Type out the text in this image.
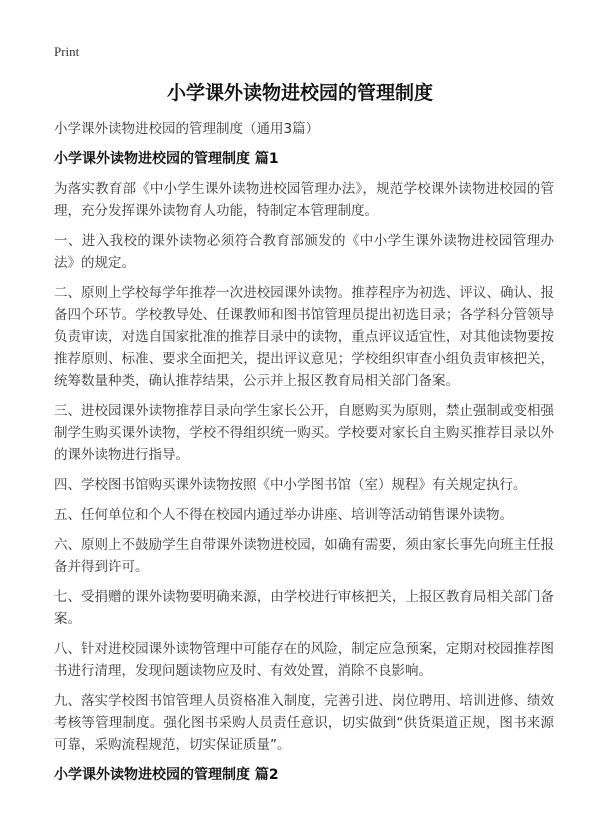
Print
小学课外读物进校园的管理制度

小学课外读物进校园的管理制度（通用3篇）

小学课外读物进校园的管理制度 篇1

为落实教育部《中小学生课外读物进校园管理办法》，规范学校课外读物进校园的管理，充分发挥课外读物育人功能，特制定本管理制度。

一、进入我校的课外读物必须符合教育部颁发的《中小学生课外读物进校园管理办法》的规定。

二、原则上学校每学年推荐一次进校园课外读物。推荐程序为初选、评议、确认、报备四个环节。学校教导处、任课教师和图书馆管理员提出初选目录；各学科分管领导负责审读，对选自国家批准的推荐目录中的读物，重点评议适宜性，对其他读物要按推荐原则、标准、要求全面把关，提出评议意见；学校组织审查小组负责审核把关，统筹数量种类，确认推荐结果，公示并上报区教育局相关部门备案。

三、进校园课外读物推荐目录向学生家长公开，自愿购买为原则，禁止强制或变相强制学生购买课外读物，学校不得组织统一购买。学校要对家长自主购买推荐目录以外的课外读物进行指导。

四、学校图书馆购买课外读物按照《中小学图书馆（室）规程》有关规定执行。

五、任何单位和个人不得在校园内通过举办讲座、培训等活动销售课外读物。

六、原则上不鼓励学生自带课外读物进校园，如确有需要，须由家长事先向班主任报备并得到许可。

七、受捐赠的课外读物要明确来源，由学校进行审核把关，上报区教育局相关部门备案。

八、针对进校园课外读物管理中可能存在的风险，制定应急预案，定期对校园推荐图书进行清理，发现问题读物应及时、有效处置，消除不良影响。

九、落实学校图书馆管理人员资格准入制度，完善引进、岗位聘用、培训进修、绩效考核等管理制度。强化图书采购人员责任意识，切实做到“供货渠道正规，图书来源可靠，采购流程规范，切实保证质量”。

小学课外读物进校园的管理制度 篇2
